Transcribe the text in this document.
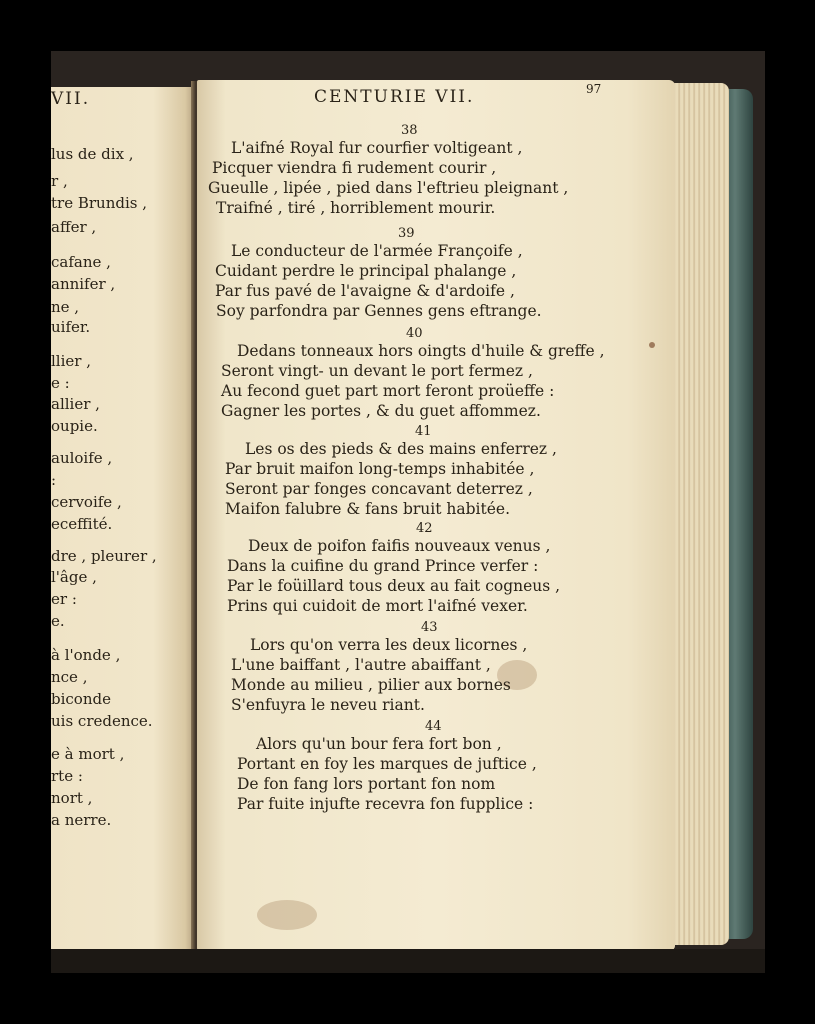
VII.
lus de dix ,
r ,
tre Brundis ,
affer ,
cafane ,
annifer ,
ne ,
uifer.
llier ,
e :
allier ,
oupie.
auloife ,
:
cervoife ,
eceffité.
dre , pleurer ,
l'âge ,
er :
e.
à l'onde ,
nce ,
biconde
uis credence.
e à mort ,
rte :
nort ,
a nerre.
CENTURIE VII.	97
38
L'aifné Royal fur courfier voltigeant ,
Picquer viendra fi rudement courir ,
Gueulle , lipée , pied dans l'eftrieu pleignant ,
Traifné , tiré , horriblement mourir.
39
Le conducteur de l'armée Françoife ,
Cuidant perdre le principal phalange ,
Par fus pavé de l'avaigne & d'ardoife ,
Soy parfondra par Gennes gens eftrange.
40
Dedans tonneaux hors oingts d'huile & greffe ,
Seront vingt- un devant le port fermez ,
Au fecond guet part mort feront proüeffe :
Gagner les portes , & du guet affommez.
41
Les os des pieds & des mains enferrez ,
Par bruit maifon long-temps inhabitée ,
Seront par fonges concavant deterrez ,
Maifon falubre & fans bruit habitée.
42
Deux de poifon faifis nouveaux venus ,
Dans la cuifine du grand Prince verfer :
Par le foüillard tous deux au fait cogneus ,
Prins qui cuidoit de mort l'aifné vexer.
43
Lors qu'on verra les deux licornes ,
L'une baiffant , l'autre abaiffant ,
Monde au milieu , pilier aux bornes
S'enfuyra le neveu riant.
44
Alors qu'un bour fera fort bon ,
Portant en foy les marques de juftice ,
De fon fang lors portant fon nom
Par fuite injufte recevra fon fupplice :
